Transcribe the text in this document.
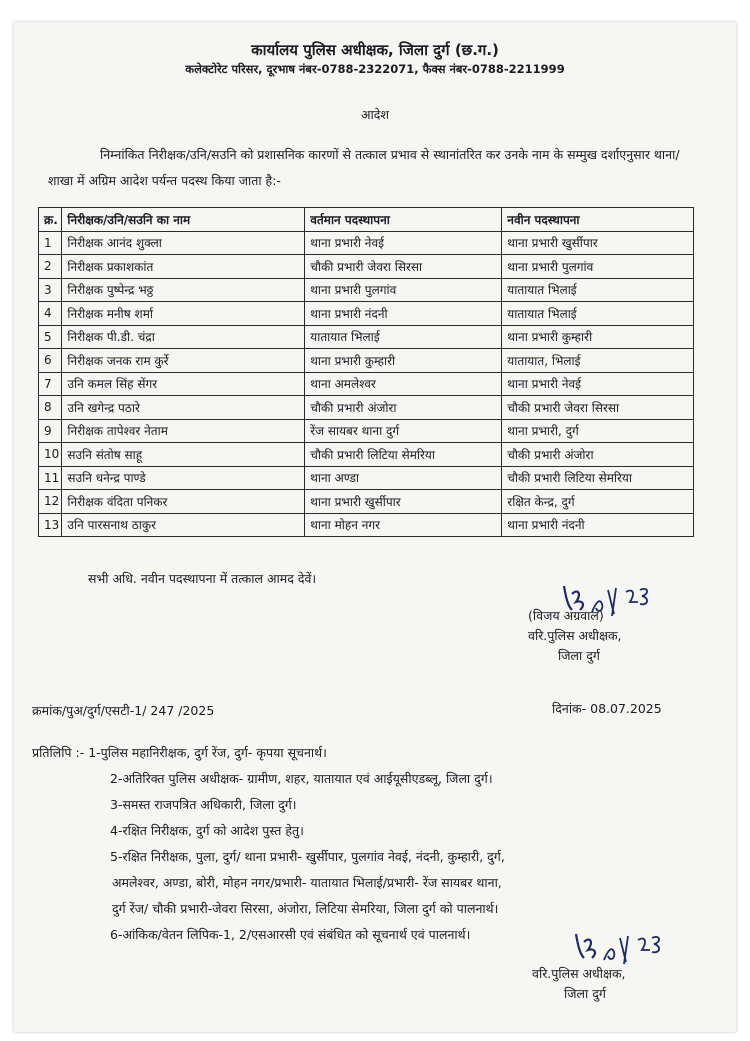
कार्यालय पुलिस अधीक्षक, जिला दुर्ग (छ.ग.)
कलेक्टोरेट परिसर, दूरभाष नंबर-0788-2322071, फैक्स नंबर-0788-2211999
आदेश
निम्नांकित निरीक्षक/उनि/सउनि को प्रशासनिक कारणों से तत्काल प्रभाव से स्थानांतरित कर उनके नाम के सम्मुख दर्शाएनुसार थाना/शाखा में अग्रिम आदेश पर्यन्त पदस्थ किया जाता है:-
क्र.	निरीक्षक/उनि/सउनि का नाम	वर्तमान पदस्थापना	नवीन पदस्थापना
1	निरीक्षक आनंद शुक्ला	थाना प्रभारी नेवई	थाना प्रभारी खुर्सीपार
2	निरीक्षक प्रकाशकांत	चौकी प्रभारी जेवरा सिरसा	थाना प्रभारी पुलगांव
3	निरीक्षक पुष्पेन्द्र भठ्ठ	थाना प्रभारी पुलगांव	यातायात भिलाई
4	निरीक्षक मनीष शर्मा	थाना प्रभारी नंदनी	यातायात भिलाई
5	निरीक्षक पी.डी. चंद्रा	यातायात भिलाई	थाना प्रभारी कुम्हारी
6	निरीक्षक जनक राम कुर्रे	थाना प्रभारी कुम्हारी	यातायात, भिलाई
7	उनि कमल सिंह सेंगर	थाना अमलेश्वर	थाना प्रभारी नेवई
8	उनि खगेन्द्र पठारे	चौकी प्रभारी अंजोरा	चौकी प्रभारी जेवरा सिरसा
9	निरीक्षक तापेश्वर नेताम	रेंज सायबर थाना दुर्ग	थाना प्रभारी, दुर्ग
10	सउनि संतोष साहू	चौकी प्रभारी लिटिया सेमरिया	चौकी प्रभारी अंजोरा
11	सउनि धनेन्द्र पाण्डे	थाना अण्डा	चौकी प्रभारी लिटिया सेमरिया
12	निरीक्षक वंदिता पनिकर	थाना प्रभारी खुर्सीपार	रक्षित केन्द्र, दुर्ग
13	उनि पारसनाथ ठाकुर	थाना मोहन नगर	थाना प्रभारी नंदनी
सभी अधि. नवीन पदस्थापना में तत्काल आमद देवें।
(विजय अग्रवाल)
वरि.पुलिस अधीक्षक,
जिला दुर्ग
क्रमांक/पुअ/दुर्ग/एसटी-1/ 247 /2025	दिनांक- 08.07.2025
प्रतिलिपि :- 1-पुलिस महानिरीक्षक, दुर्ग रेंज, दुर्ग- कृपया सूचनार्थ।
2-अतिरिक्त पुलिस अधीक्षक- ग्रामीण, शहर, यातायात एवं आईयूसीएडब्लू, जिला दुर्ग।
3-समस्त राजपत्रित अधिकारी, जिला दुर्ग।
4-रक्षित निरीक्षक, दुर्ग को आदेश पुस्त हेतु।
5-रक्षित निरीक्षक, पुला, दुर्ग/ थाना प्रभारी- खुर्सीपार, पुलगांव नेवई, नंदनी, कुम्हारी, दुर्ग,
अमलेश्वर, अण्डा, बोरी, मोहन नगर/प्रभारी- यातायात भिलाई/प्रभारी- रेंज सायबर थाना,
दुर्ग रेंज/ चौकी प्रभारी-जेवरा सिरसा, अंजोरा, लिटिया सेमरिया, जिला दुर्ग को पालनार्थ।
6-आंकिक/वेतन लिपिक-1, 2/एसआरसी एवं संबंधित को सूचनार्थ एवं पालनार्थ।
वरि.पुलिस अधीक्षक,
जिला दुर्ग
